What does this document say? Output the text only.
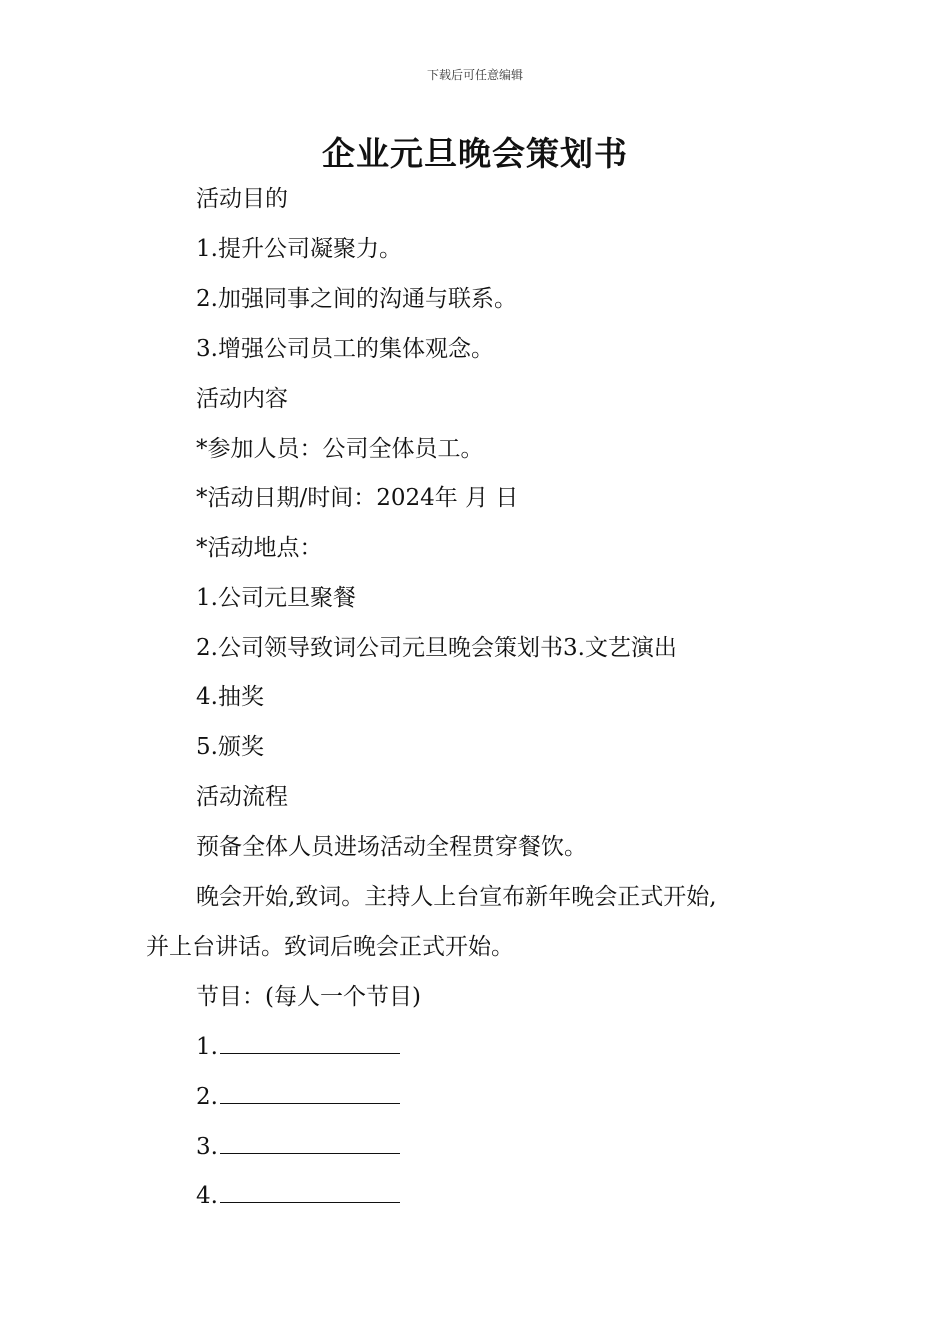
下载后可任意编辑
企业元旦晚会策划书
活动目的
1.提升公司凝聚力。
2.加强同事之间的沟通与联系。
3.增强公司员工的集体观念。
活动内容
*参加人员：公司全体员工。
*活动日期/时间：2024年 月 日
*活动地点：
1.公司元旦聚餐
2.公司领导致词公司元旦晚会策划书3.文艺演出
4.抽奖
5.颁奖
活动流程
预备全体人员进场活动全程贯穿餐饮。
晚会开始,致词。主持人上台宣布新年晚会正式开始,
并上台讲话。致词后晚会正式开始。
节目：(每人一个节目)
1.
2.
3.
4.
